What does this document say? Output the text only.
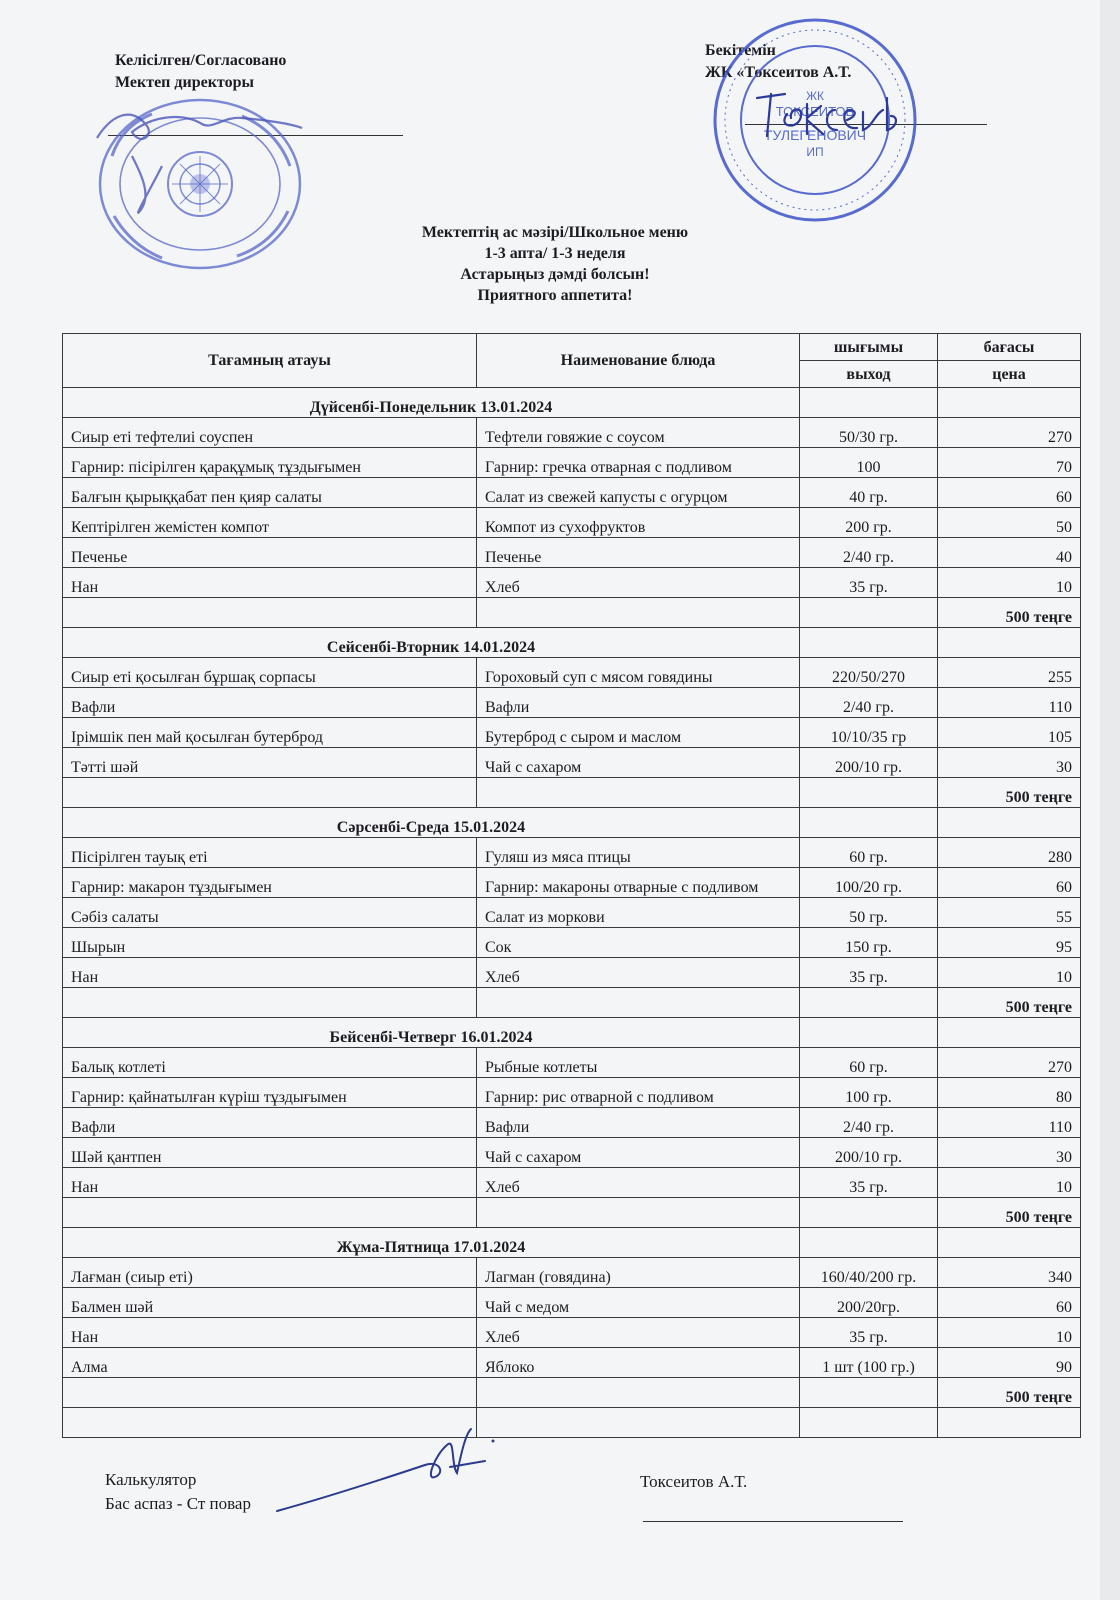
Келісілген/Согласовано
Мектеп директоры
Бекітемін
ЖК «Токсеитов А.Т.
ЖК
ТОКСЕИТОВ
ТУЛЕГЕНОВИЧ
ИП
Мектептің ас мәзірі/Школьное меню
1-3 апта/ 1-3 неделя
Астарыңыз дәмді болсын!
Приятного аппетита!
Тағамның атауы	Наименование блюда	шығымы	бағасы
		выход	цена
Дүйсенбі-Понедельник 13.01.2024			
Сиыр еті тефтелиі соуспен	Тефтели говяжие с соусом	50/30 гр.	270
Гарнир: пісірілген қарақұмық тұздығымен	Гарнир: гречка отварная с подливом	100	70
Балғын қырыққабат пен қияр салаты	Салат из свежей капусты с огурцом	40 гр.	60
Кептірілген жемістен компот	Компот из сухофруктов	200 гр.	50
Печенье	Печенье	2/40 гр.	40
Нан	Хлеб	35 гр.	10
			500 теңге
Сейсенбі-Вторник 14.01.2024			
Сиыр еті қосылған бұршақ сорпасы	Гороховый суп с мясом говядины	220/50/270	255
Вафли	Вафли	2/40 гр.	110
Ірімшік пен май қосылған бутерброд	Бутерброд с сыром и маслом	10/10/35 гр	105
Тәтті шәй	Чай с сахаром	200/10 гр.	30
			500 теңге
Сәрсенбі-Среда 15.01.2024			
Пісірілген тауық еті	Гуляш из мяса птицы	60 гр.	280
Гарнир: макарон тұздығымен	Гарнир: макароны отварные с подливом	100/20 гр.	60
Сәбіз салаты	Салат из моркови	50 гр.	55
Шырын	Сок	150 гр.	95
Нан	Хлеб	35 гр.	10
			500 теңге
Бейсенбі-Четверг 16.01.2024			
Балық котлеті	Рыбные котлеты	60 гр.	270
Гарнир: қайнатылған күріш тұздығымен	Гарнир: рис отварной с подливом	100 гр.	80
Вафли	Вафли	2/40 гр.	110
Шәй қантпен	Чай с сахаром	200/10 гр.	30
Нан	Хлеб	35 гр.	10
			500 теңге
Жұма-Пятница 17.01.2024			
Лағман (сиыр еті)	Лагман (говядина)	160/40/200 гр.	340
Балмен шәй	Чай с медом	200/20гр.	60
Нан	Хлеб	35 гр.	10
Алма	Яблоко	1 шт (100 гр.)	90
			500 теңге

Калькулятор
Бас аспаз - Ст повар
Токсеитов А.Т.
